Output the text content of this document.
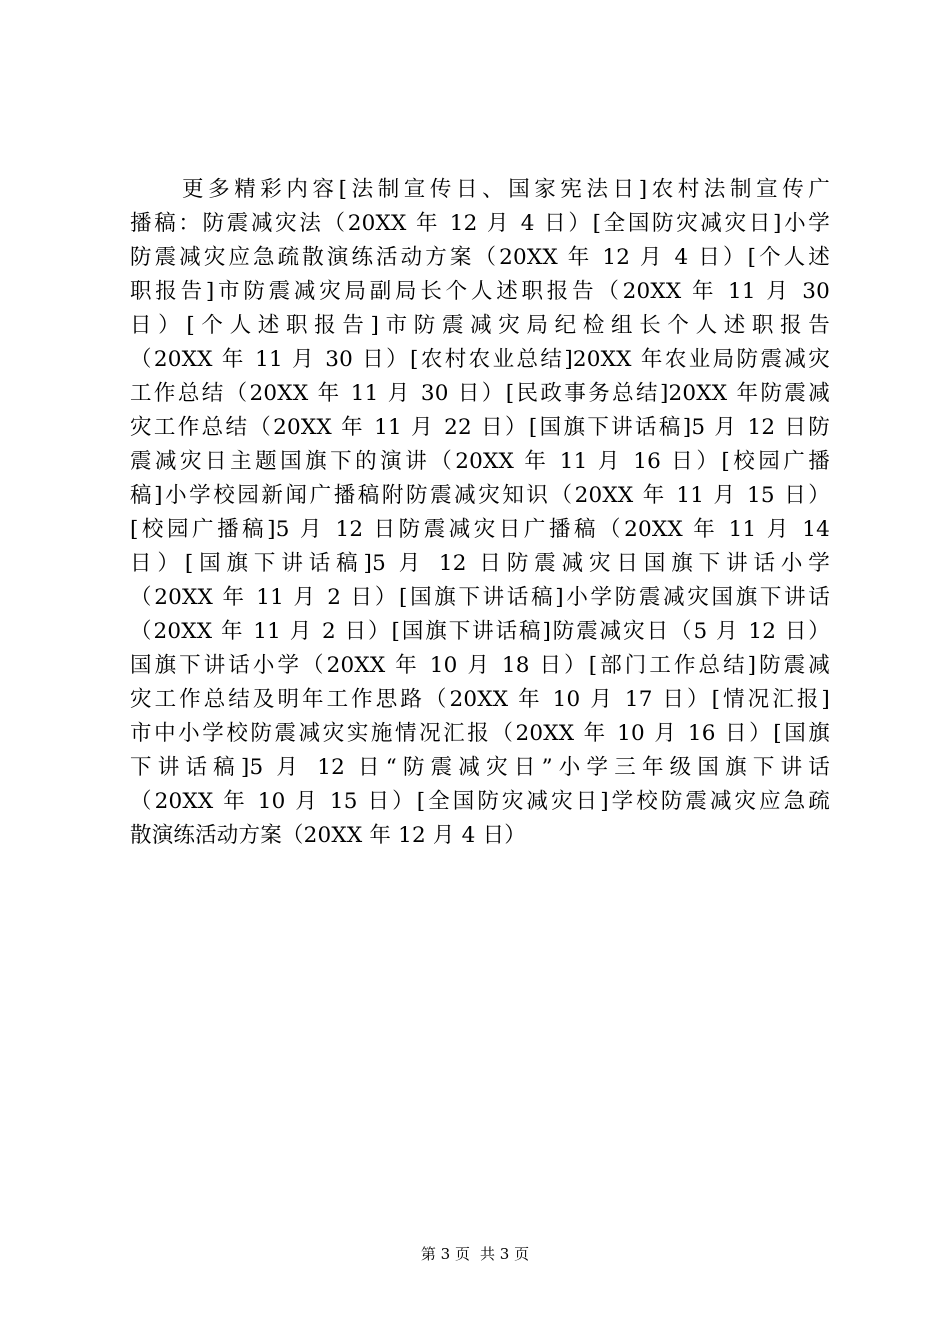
更多精彩内容[法制宣传日、国家宪法日]农村法制宣传广
播稿：防震减灾法（20XX 年 12 月 4 日）[全国防灾减灾日]小学
防震减灾应急疏散演练活动方案（20XX 年 12 月 4 日）[个人述
职报告]市防震减灾局副局长个人述职报告（20XX 年 11 月 30
日）[个人述职报告]市防震减灾局纪检组长个人述职报告
（20XX 年 11 月 30 日）[农村农业总结]20XX 年农业局防震减灾
工作总结（20XX 年 11 月 30 日）[民政事务总结]20XX 年防震减
灾工作总结（20XX 年 11 月 22 日）[国旗下讲话稿]5 月 12 日防
震减灾日主题国旗下的演讲（20XX 年 11 月 16 日）[校园广播
稿]小学校园新闻广播稿附防震减灾知识（20XX 年 11 月 15 日）
[校园广播稿]5 月 12 日防震减灾日广播稿（20XX 年 11 月 14
日）[国旗下讲话稿]5 月 12 日防震减灾日国旗下讲话小学
（20XX 年 11 月 2 日）[国旗下讲话稿]小学防震减灾国旗下讲话
（20XX 年 11 月 2 日）[国旗下讲话稿]防震减灾日（5 月 12 日）
国旗下讲话小学（20XX 年 10 月 18 日）[部门工作总结]防震减
灾工作总结及明年工作思路（20XX 年 10 月 17 日）[情况汇报]
市中小学校防震减灾实施情况汇报（20XX 年 10 月 16 日）[国旗
下讲话稿]5 月 12 日“防震减灾日”小学三年级国旗下讲话
（20XX 年 10 月 15 日）[全国防灾减灾日]学校防震减灾应急疏
散演练活动方案（20XX 年 12 月 4 日）
第 3 页 共 3 页
